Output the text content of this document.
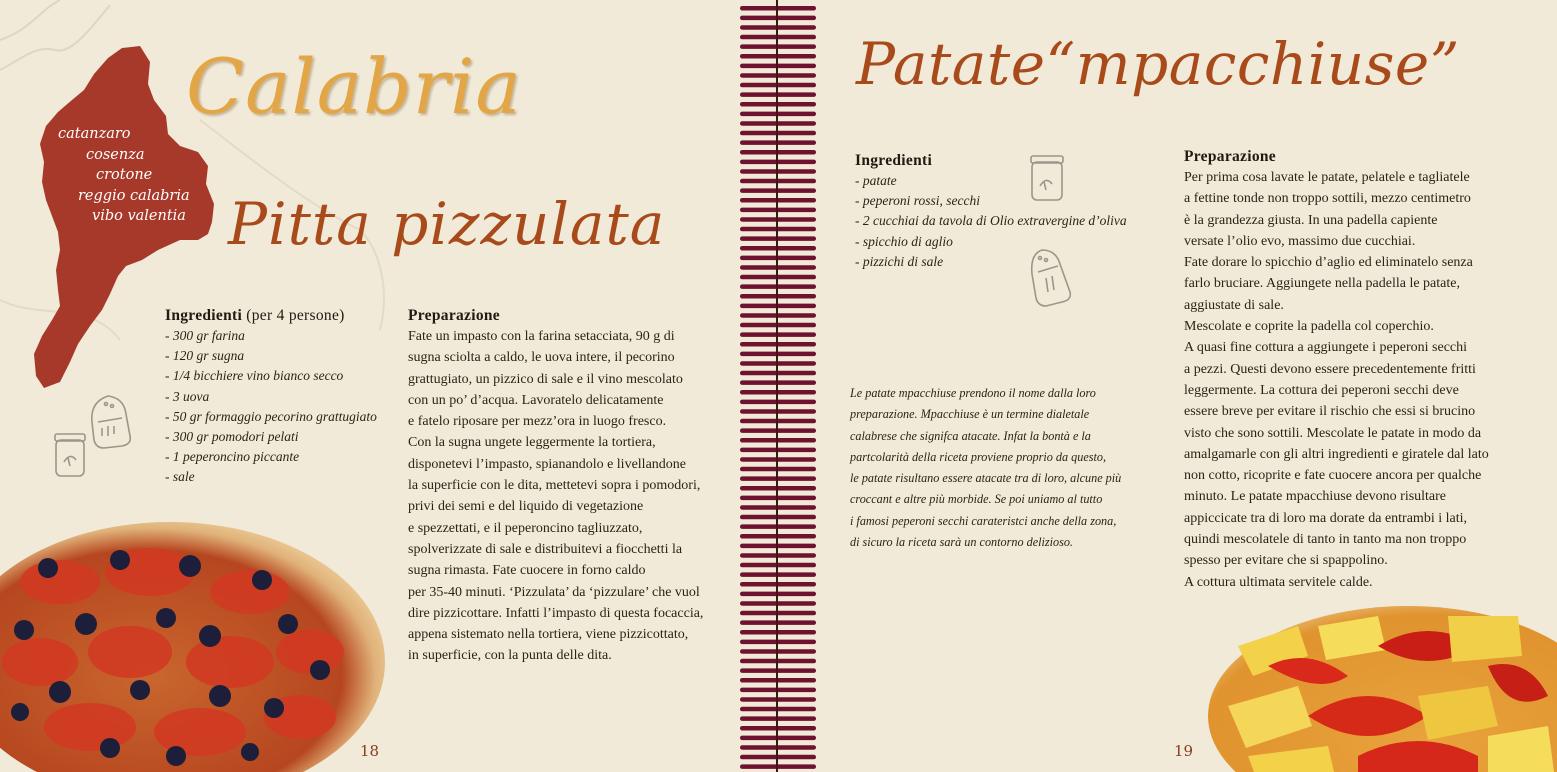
catanzaro
cosenza
crotone
reggio calabria
vibo valentia
Calabria
Pitta pizzulata
Ingredienti (per 4 persone)
- 300 gr farina
- 120 gr sugna
- 1/4 bicchiere vino bianco secco
- 3 uova
- 50 gr formaggio pecorino grattugiato
- 300 gr pomodori pelati
- 1 peperoncino piccante
- sale
Preparazione
Fate un impasto con la farina setacciata, 90 g di
sugna sciolta a caldo, le uova intere, il pecorino
grattugiato, un pizzico di sale e il vino mescolato
con un po’ d’acqua. Lavoratelo delicatamente
e fatelo riposare per mezz’ora in luogo fresco.
Con la sugna ungete leggermente la tortiera,
disponetevi l’impasto, spianandolo e livellandone
la superficie con le dita, mettetevi sopra i pomodori,
privi dei semi e del liquido di vegetazione
e spezzettati, e il peperoncino tagliuzzato,
spolverizzate di sale e distribuitevi a fiocchetti la
sugna rimasta. Fate cuocere in forno caldo
per 35-40 minuti. ‘Pizzulata’ da ‘pizzulare’ che vuol
dire pizzicottare. Infatti l’impasto di questa focaccia,
appena sistemato nella tortiera, viene pizzicottato,
in superficie, con la punta delle dita.
18
Patate“mpacchiuse”
Ingredienti
- patate
- peperoni rossi, secchi
- 2 cucchiai da tavola di Olio extravergine d’oliva
- spicchio di aglio
- pizzichi di sale
Le patate mpacchiuse prendono il nome dalla loro
preparazione. Mpacchiuse è un termine dialetale
calabrese che signifca atacate. Infat la bontà e la
partcolarità della riceta proviene proprio da questo,
le patate risultano essere atacate tra di loro, alcune più
croccant e altre più morbide. Se poi uniamo al tutto
i famosi peperoni secchi carateristci anche della zona,
di sicuro la riceta sarà un contorno delizioso.
Preparazione
Per prima cosa lavate le patate, pelatele e tagliatele
a fettine tonde non troppo sottili, mezzo centimetro
è la grandezza giusta. In una padella capiente
versate l’olio evo, massimo due cucchiai.
Fate dorare lo spicchio d’aglio ed eliminatelo senza
farlo bruciare. Aggiungete nella padella le patate,
aggiustate di sale.
Mescolate e coprite la padella col coperchio.
A quasi fine cottura a aggiungete i peperoni secchi
a pezzi. Questi devono essere precedentemente fritti
leggermente. La cottura dei peperoni secchi deve
essere breve per evitare il rischio che essi si brucino
visto che sono sottili. Mescolate le patate in modo da
amalgamarle con gli altri ingredienti e giratele dal lato
non cotto, ricoprite e fate cuocere ancora per qualche
minuto. Le patate mpacchiuse devono risultare
appiccicate tra di loro ma dorate da entrambi i lati,
quindi mescolatele di tanto in tanto ma non troppo
spesso per evitare che si spappolino.
A cottura ultimata servitele calde.
19
